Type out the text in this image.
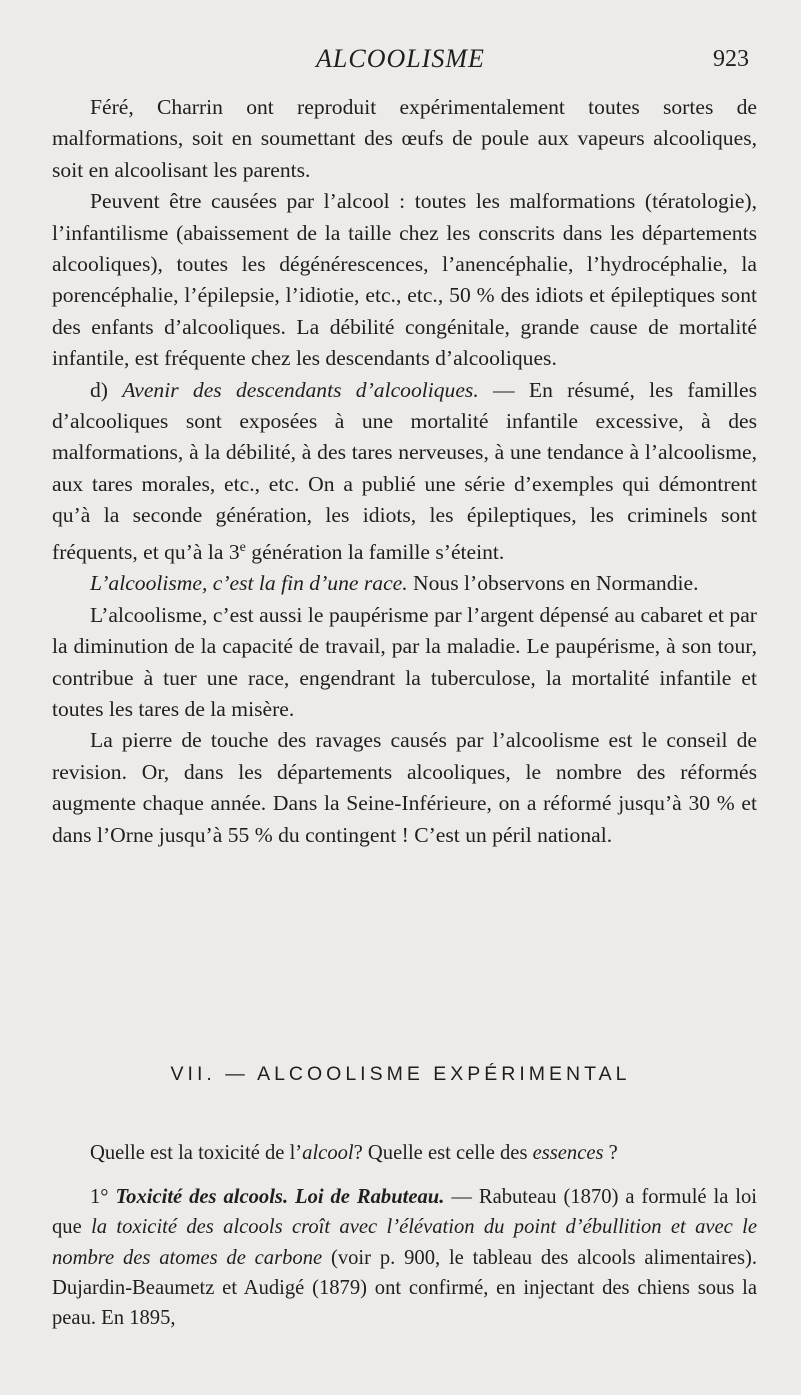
ALCOOLISME	923

Féré, Charrin ont reproduit expérimentalement toutes sortes de malformations, soit en soumettant des œufs de poule aux vapeurs alcooliques, soit en alcoolisant les parents.

Peuvent être causées par l’alcool : toutes les malformations (tératologie), l’infantilisme (abaissement de la taille chez les conscrits dans les départements alcooliques), toutes les dégénérescences, l’anencéphalie, l’hydrocéphalie, la porencéphalie, l’épilepsie, l’idiotie, etc., etc., 50 % des idiots et épileptiques sont des enfants d’alcooliques. La débilité congénitale, grande cause de mortalité infantile, est fréquente chez les descendants d’alcooliques.

d) Avenir des descendants d’alcooliques. — En résumé, les familles d’alcooliques sont exposées à une mortalité infantile excessive, à des malformations, à la débilité, à des tares nerveuses, à une tendance à l’alcoolisme, aux tares morales, etc., etc. On a publié une série d’exemples qui démontrent qu’à la seconde génération, les idiots, les épileptiques, les criminels sont fréquents, et qu’à la 3e génération la famille s’éteint.

L’alcoolisme, c’est la fin d’une race. Nous l’observons en Normandie.

L’alcoolisme, c’est aussi le paupérisme par l’argent dépensé au cabaret et par la diminution de la capacité de travail, par la maladie. Le paupérisme, à son tour, contribue à tuer une race, engendrant la tuberculose, la mortalité infantile et toutes les tares de la misère.

La pierre de touche des ravages causés par l’alcoolisme est le conseil de revision. Or, dans les départements alcooliques, le nombre des réformés augmente chaque année. Dans la Seine-Inférieure, on a réformé jusqu’à 30 % et dans l’Orne jusqu’à 55 % du contingent ! C’est un péril national.

VII. — ALCOOLISME EXPÉRIMENTAL

Quelle est la toxicité de l’alcool? Quelle est celle des essences ?

1° Toxicité des alcools. Loi de Rabuteau. — Rabuteau (1870) a formulé la loi que la toxicité des alcools croît avec l’élévation du point d’ébullition et avec le nombre des atomes de carbone (voir p. 900, le tableau des alcools alimentaires). Dujardin-Beaumetz et Audigé (1879) ont confirmé, en injectant des chiens sous la peau. En 1895,
